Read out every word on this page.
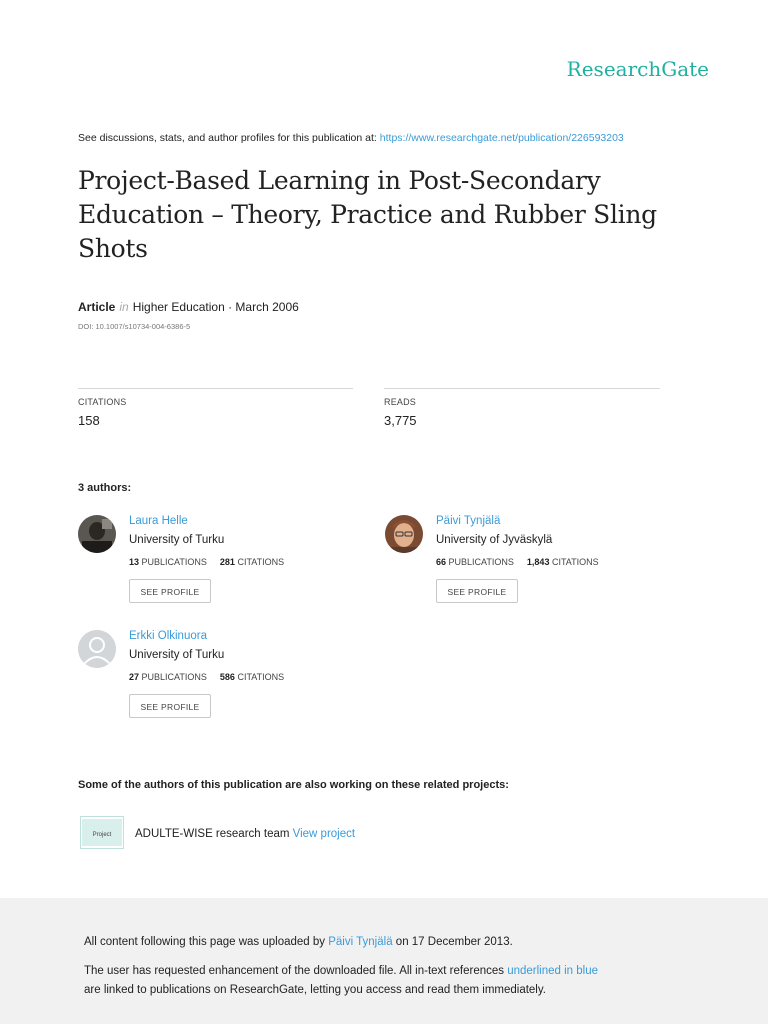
ResearchGate
See discussions, stats, and author profiles for this publication at: https://www.researchgate.net/publication/226593203
Project-Based Learning in Post-Secondary Education – Theory, Practice and Rubber Sling Shots
Article in Higher Education · March 2006
DOI: 10.1007/s10734-004-6386-5
CITATIONS
158
READS
3,775
3 authors:
Laura Helle
University of Turku
13 PUBLICATIONS 281 CITATIONS
SEE PROFILE
Päivi Tynjälä
University of Jyväskylä
66 PUBLICATIONS 1,843 CITATIONS
SEE PROFILE
Erkki Olkinuora
University of Turku
27 PUBLICATIONS 586 CITATIONS
SEE PROFILE
Some of the authors of this publication are also working on these related projects:
Project ADULTE-WISE research team View project
All content following this page was uploaded by Päivi Tynjälä on 17 December 2013.
The user has requested enhancement of the downloaded file. All in-text references underlined in blue
are linked to publications on ResearchGate, letting you access and read them immediately.
